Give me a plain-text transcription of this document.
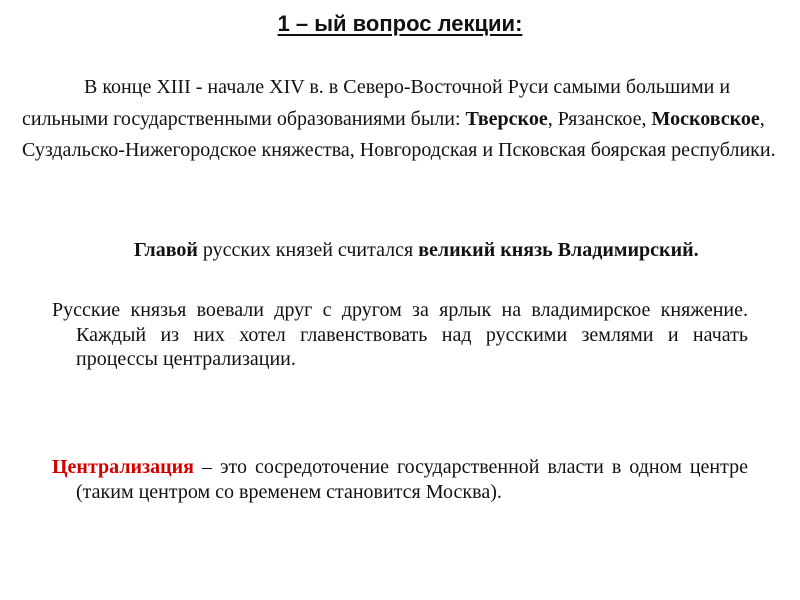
1 – ый вопрос лекции:

В конце XIII - начале XIV в. в Северо-Восточной Руси самыми большими и сильными государственными образованиями были: Тверское, Рязанское, Московское, Суздальско-Нижегородское княжества, Новгородская и Псковская боярская республики.

Главой русских князей считался великий князь Владимирский.

Русские князья воевали друг с другом за ярлык на владимирское княжение. Каждый из них хотел главенствовать над русскими землями и начать процессы централизации.

Централизация – это сосредоточение государственной власти в одном центре (таким центром со временем становится Москва).
